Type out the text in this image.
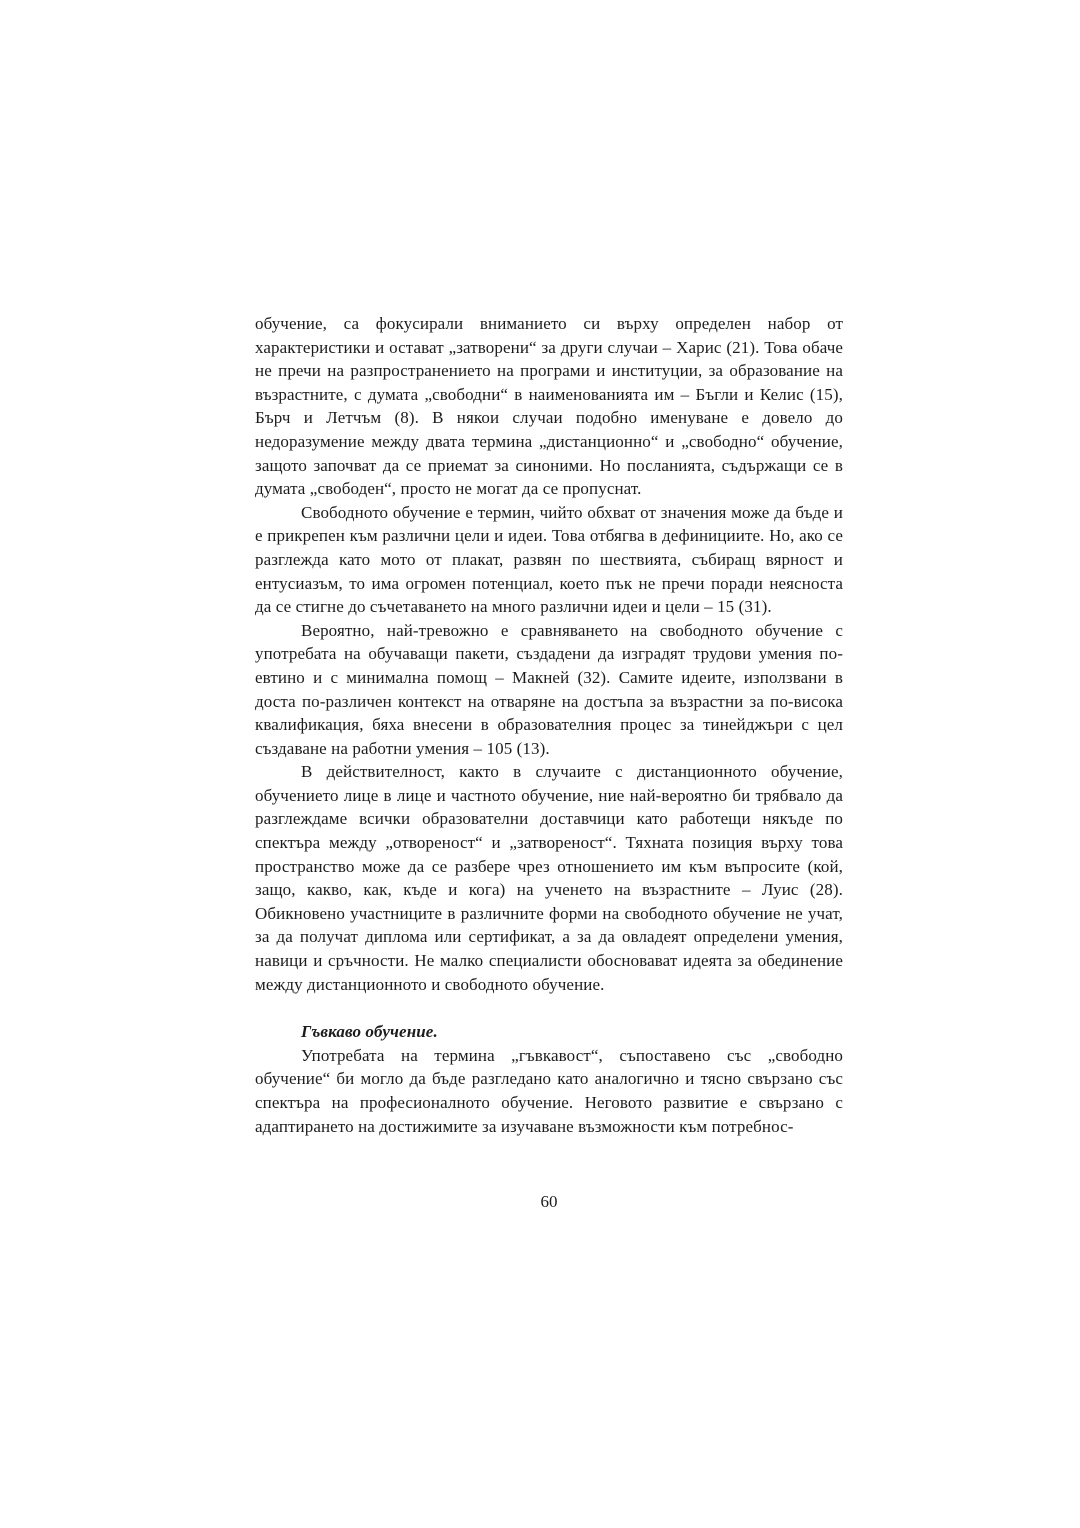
обучение, са фокусирали вниманието си върху определен набор от характеристики и остават „затворени“ за други случаи – Харис (21). Това обаче не пречи на разпространението на програми и институции, за образование на възрастните, с думата „свободни“ в наименованията им – Бъгли и Келис (15), Бърч и Летчъм (8). В някои случаи подобно именуване е довело до недоразумение между двата термина „дистанционно“ и „свободно“ обучение, защото започват да се приемат за синоними. Но посланията, съдържащи се в думата „свободен“, просто не могат да се пропуснат.

Свободното обучение е термин, чийто обхват от значения може да бъде и е прикрепен към различни цели и идеи. Това отбягва в дефинициите. Но, ако се разглежда като мото от плакат, развян по шествията, събиращ вярност и ентусиазъм, то има огромен потенциал, което пък не пречи поради неясноста да се стигне до съчетаването на много различни идеи и цели – 15 (31).

Вероятно, най-тревожно е сравняването на свободното обучение с употребата на обучаващи пакети, създадени да изградят трудови умения по-евтино и с минимална помощ – Макней (32). Самите идеите, използвани в доста по-различен контекст на отваряне на достъпа за възрастни за по-висока квалификация, бяха внесени в образователния процес за тинейджъри с цел създаване на работни умения – 105 (13).

В действителност, както в случаите с дистанционното обучение, обучението лице в лице и частното обучение, ние най-вероятно би трябвало да разглеждаме всички образователни доставчици като работещи някъде по спектъра между „отвореност“ и „затвореност“. Тяхната позиция върху това пространство може да се разбере чрез отношението им към въпросите (кой, защо, какво, как, къде и кога) на ученето на възрастните – Луис (28). Обикновено участниците в различните форми на свободното обучение не учат, за да получат диплома или сертификат, а за да овладеят определени умения, навици и сръчности. Не малко специалисти обосновават идеята за обединение между дистанционното и свободното обучение.

Гъвкаво обучение.

Употребата на термина „гъвкавост“, съпоставено със „свободно обучение“ би могло да бъде разгледано като аналогично и тясно свързано със спектъра на професионалното обучение. Неговото развитие е свързано с адаптирането на достижимите за изучаване възможности към потребнос-

60
